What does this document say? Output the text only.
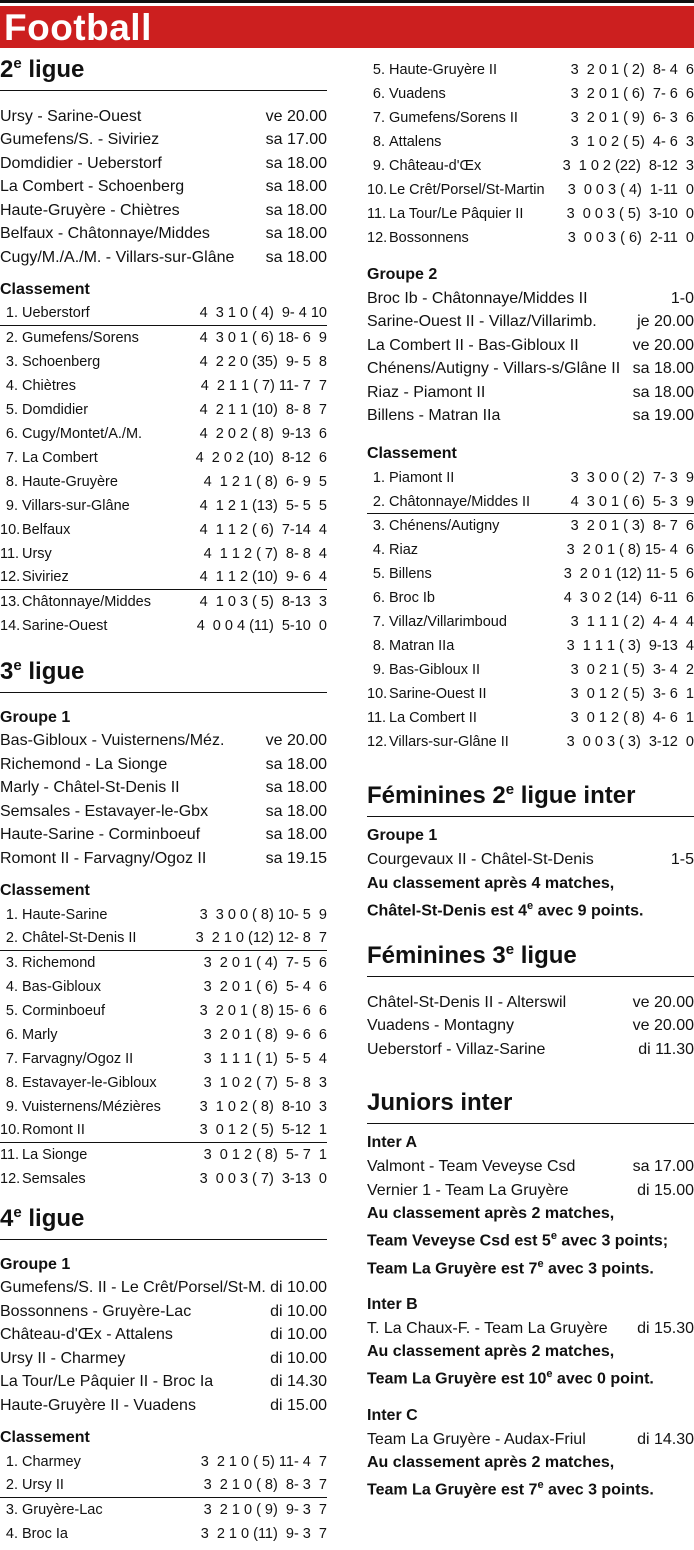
Football
2e ligue
Ursy - Sarine-Ouest	ve 20.00
Gumefens/S. - Siviriez	sa 17.00
Domdidier - Ueberstorf	sa 18.00
La Combert - Schoenberg	sa 18.00
Haute-Gruyère - Chiètres	sa 18.00
Belfaux - Châtonnaye/Middes	sa 18.00
Cugy/M./A./M. - Villars-sur-Glâne sa 18.00
Classement
1. Ueberstorf	4  3 1 0 ( 4)  9- 4 10
2. Gumefens/Sorens	4  3 0 1 ( 6) 18- 6  9
3. Schoenberg	4  2 2 0 (35)  9- 5  8
4. Chiètres	4  2 1 1 ( 7) 11- 7  7
5. Domdidier	4  2 1 1 (10)  8- 8  7
6. Cugy/Montet/A./M.	4  2 0 2 ( 8)  9-13  6
7. La Combert	4  2 0 2 (10)  8-12  6
8. Haute-Gruyère	4  1 2 1 ( 8)  6- 9  5
9. Villars-sur-Glâne	4  1 2 1 (13)  5- 5  5
10. Belfaux	4  1 1 2 ( 6)  7-14  4
11. Ursy	4  1 1 2 ( 7)  8- 8  4
12. Siviriez	4  1 1 2 (10)  9- 6  4
13. Châtonnaye/Middes	4  1 0 3 ( 5)  8-13  3
14. Sarine-Ouest	4  0 0 4 (11)  5-10  0
3e ligue
Groupe 1
Bas-Gibloux - Vuisternens/Méz.	ve 20.00
Richemond - La Sionge	sa 18.00
Marly - Châtel-St-Denis II	sa 18.00
Semsales - Estavayer-le-Gbx	sa 18.00
Haute-Sarine - Corminboeuf	sa 18.00
Romont II - Farvagny/Ogoz II	sa 19.15
Classement
1. Haute-Sarine	3  3 0 0 ( 8) 10- 5  9
2. Châtel-St-Denis II	3  2 1 0 (12) 12- 8  7
3. Richemond	3  2 0 1 ( 4)  7- 5  6
4. Bas-Gibloux	3  2 0 1 ( 6)  5- 4  6
5. Corminboeuf	3  2 0 1 ( 8) 15- 6  6
6. Marly	3  2 0 1 ( 8)  9- 6  6
7. Farvagny/Ogoz II	3  1 1 1 ( 1)  5- 5  4
8. Estavayer-le-Gibloux	3  1 0 2 ( 7)  5- 8  3
9. Vuisternens/Mézières	3  1 0 2 ( 8)  8-10  3
10. Romont II	3  0 1 2 ( 5)  5-12  1
11. La Sionge	3  0 1 2 ( 8)  5- 7  1
12. Semsales	3  0 0 3 ( 7)  3-13  0
4e ligue
Groupe 1
Gumefens/S. II - Le Crêt/Porsel/St-M. di 10.00
Bossonnens - Gruyère-Lac	di 10.00
Château-d'Œx - Attalens	di 10.00
Ursy II - Charmey	di 10.00
La Tour/Le Pâquier II - Broc Ia	di 14.30
Haute-Gruyère II - Vuadens	di 15.00
Classement
1. Charmey	3  2 1 0 ( 5) 11- 4  7
2. Ursy II	3  2 1 0 ( 8)  8- 3  7
3. Gruyère-Lac	3  2 1 0 ( 9)  9- 3  7
4. Broc Ia	3  2 1 0 (11)  9- 3  7
5. Haute-Gruyère II	3  2 0 1 ( 2)  8- 4  6
6. Vuadens	3  2 0 1 ( 6)  7- 6  6
7. Gumefens/Sorens II	3  2 0 1 ( 9)  6- 3  6
8. Attalens	3  1 0 2 ( 5)  4- 6  3
9. Château-d'Œx	3  1 0 2 (22)  8-12  3
10. Le Crêt/Porsel/St-Martin	3  0 0 3 ( 4)  1-11  0
11. La Tour/Le Pâquier II	3  0 0 3 ( 5)  3-10  0
12. Bossonnens	3  0 0 3 ( 6)  2-11  0
Groupe 2
Broc Ib - Châtonnaye/Middes II	1-0
Sarine-Ouest II - Villaz/Villarimb.	je 20.00
La Combert II - Bas-Gibloux II	ve 20.00
Chénens/Autigny - Villars-s/Glâne II sa 18.00
Riaz - Piamont II	sa 18.00
Billens - Matran IIa	sa 19.00
Classement
1. Piamont II	3  3 0 0 ( 2)  7- 3  9
2. Châtonnaye/Middes II	4  3 0 1 ( 6)  5- 3  9
3. Chénens/Autigny	3  2 0 1 ( 3)  8- 7  6
4. Riaz	3  2 0 1 ( 8) 15- 4  6
5. Billens	3  2 0 1 (12) 11- 5  6
6. Broc Ib	4  3 0 2 (14)  6-11  6
7. Villaz/Villarimboud	3  1 1 1 ( 2)  4- 4  4
8. Matran IIa	3  1 1 1 ( 3)  9-13  4
9. Bas-Gibloux II	3  0 2 1 ( 5)  3- 4  2
10. Sarine-Ouest II	3  0 1 2 ( 5)  3- 6  1
11. La Combert II	3  0 1 2 ( 8)  4- 6  1
12. Villars-sur-Glâne II	3  0 0 3 ( 3)  3-12  0
Féminines 2e ligue inter
Groupe 1
Courgevaux II - Châtel-St-Denis	1-5
Au classement après 4 matches,
Châtel-St-Denis est 4e avec 9 points.
Féminines 3e ligue
Châtel-St-Denis II - Alterswil	ve 20.00
Vuadens - Montagny	ve 20.00
Ueberstorf - Villaz-Sarine	di 11.30
Juniors inter
Inter A
Valmont - Team Veveyse Csd	sa 17.00
Vernier 1 - Team La Gruyère	di 15.00
Au classement après 2 matches,
Team Veveyse Csd est 5e avec 3 points;
Team La Gruyère est 7e avec 3 points.
Inter B
T. La Chaux-F. - Team La Gruyère di 15.30
Au classement après 2 matches,
Team La Gruyère est 10e avec 0 point.
Inter C
Team La Gruyère - Audax-Friul	di 14.30
Au classement après 2 matches,
Team La Gruyère est 7e avec 3 points.
